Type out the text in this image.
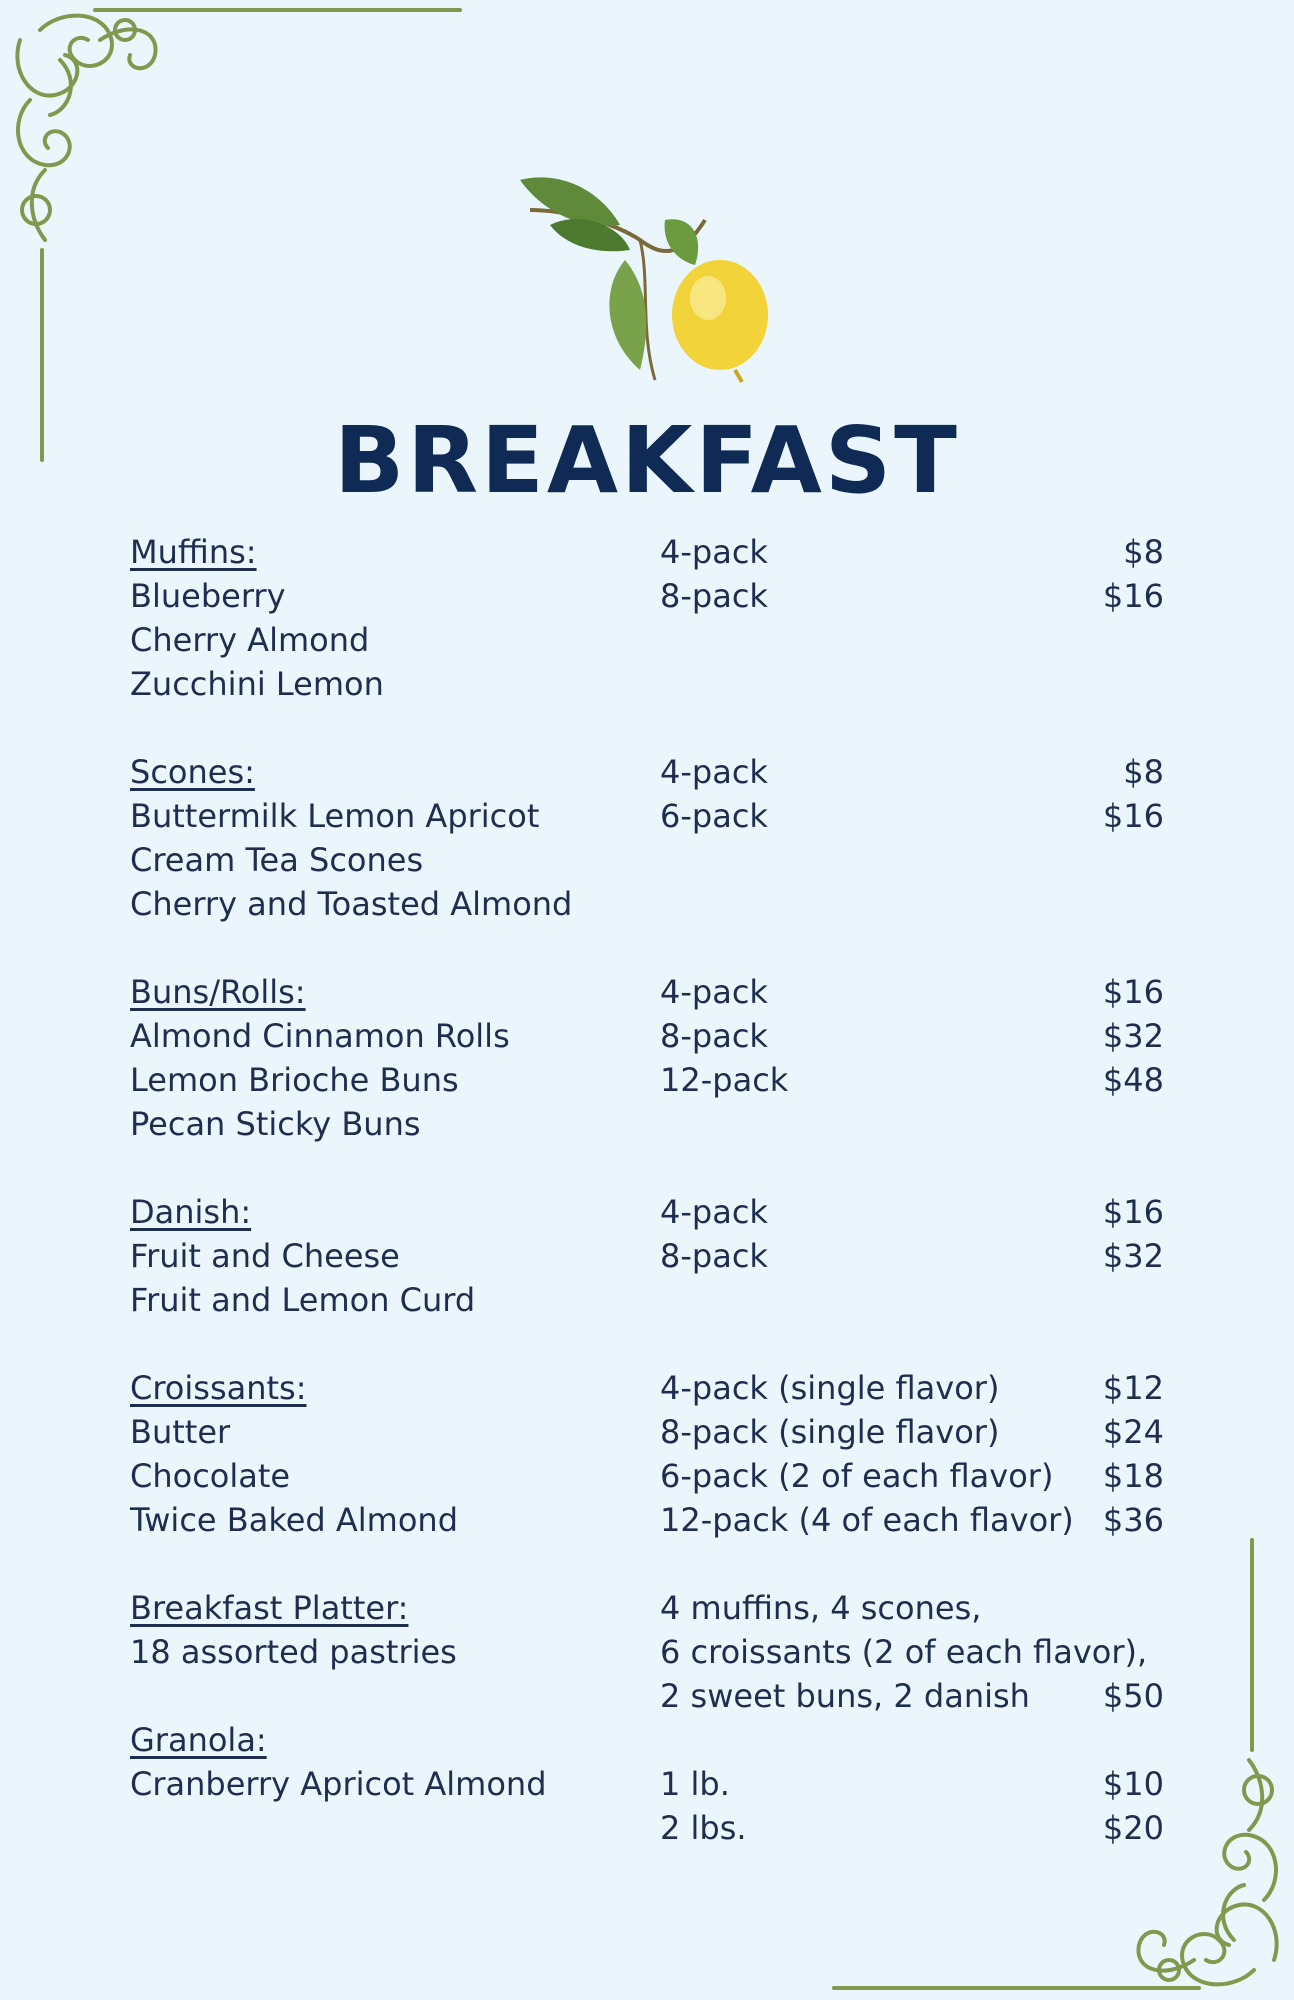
BREAKFAST
Muffins:
Blueberry
Cherry Almond
Zucchini Lemon
4-pack	$8
8-pack	$16
Scones:
Buttermilk Lemon Apricot
Cream Tea Scones
Cherry and Toasted Almond
4-pack	$8
6-pack	$16
Buns/Rolls:
Almond Cinnamon Rolls
Lemon Brioche Buns
Pecan Sticky Buns
4-pack	$16
8-pack	$32
12-pack	$48
Danish:
Fruit and Cheese
Fruit and Lemon Curd
4-pack	$16
8-pack	$32
Croissants:
Butter
Chocolate
Twice Baked Almond
4-pack (single flavor)	$12
8-pack (single flavor)	$24
6-pack (2 of each flavor) $18
12-pack (4 of each flavor) $36
Breakfast Platter:
18 assorted pastries
4 muffins, 4 scones,
6 croissants (2 of each flavor),
2 sweet buns, 2 danish $50
Granola:
Cranberry Apricot Almond	1 lb.	$10
2 lbs.	$20
